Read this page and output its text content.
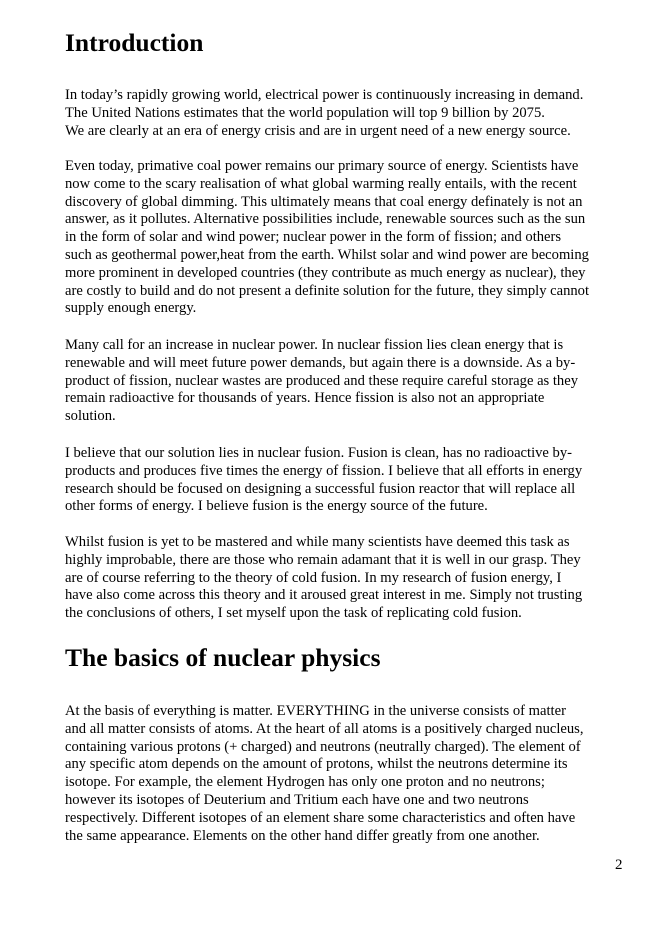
Introduction
In today’s rapidly growing world, electrical power is continuously increasing in demand.
The United Nations estimates that the world population will top 9 billion by 2075.
We are clearly at an era of energy crisis and are in urgent need of a new energy source.
Even today, primative coal power remains our primary source of energy. Scientists have
now come to the scary realisation of what global warming really entails, with the recent
discovery of global dimming. This ultimately means that coal energy definately is not an
answer, as it pollutes. Alternative possibilities include, renewable sources such as the sun
in the form of solar and wind power; nuclear power in the form of fission; and others
such as geothermal power,heat from the earth. Whilst solar and wind power are becoming
more prominent in developed countries (they contribute as much energy as nuclear), they
are costly to build and do not present a definite solution for the future, they simply cannot
supply enough energy.
Many call for an increase in nuclear power. In nuclear fission lies clean energy that is
renewable and will meet future power demands, but again there is a downside. As a by-
product of fission, nuclear wastes are produced and these require careful storage as they
remain radioactive for thousands of years. Hence fission is also not an appropriate
solution.
I believe that our solution lies in nuclear fusion. Fusion is clean, has no radioactive by-
products and produces five times the energy of fission. I believe that all efforts in energy
research should be focused on designing a successful fusion reactor that will replace all
other forms of energy. I believe fusion is the energy source of the future.
Whilst fusion is yet to be mastered and while many scientists have deemed this task as
highly improbable, there are those who remain adamant that it is well in our grasp. They
are of course referring to the theory of cold fusion. In my research of fusion energy, I
have also come across this theory and it aroused great interest in me. Simply not trusting
the conclusions of others, I set myself upon the task of replicating cold fusion.
The basics of nuclear physics
At the basis of everything is matter. EVERYTHING in the universe consists of matter
and all matter consists of atoms. At the heart of all atoms is a positively charged nucleus,
containing various protons (+ charged) and neutrons (neutrally charged). The element of
any specific atom depends on the amount of protons, whilst the neutrons determine its
isotope. For example, the element Hydrogen has only one proton and no neutrons;
however its isotopes of Deuterium and Tritium each have one and two neutrons
respectively. Different isotopes of an element share some characteristics and often have
the same appearance. Elements on the other hand differ greatly from one another.
2
